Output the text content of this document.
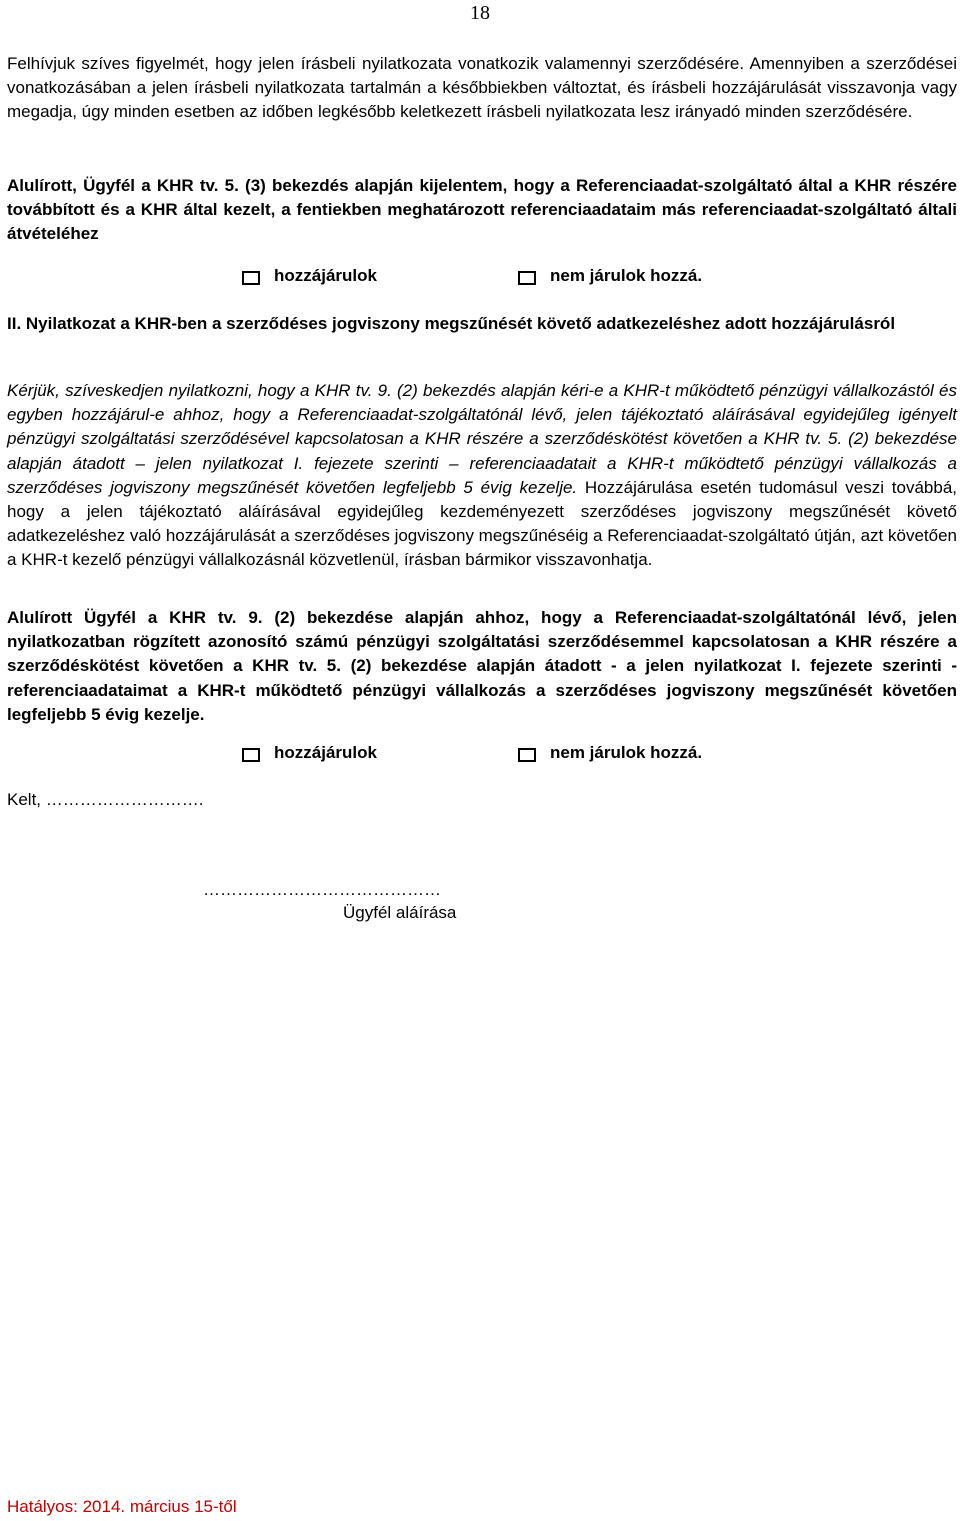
18

Felhívjuk szíves figyelmét, hogy jelen írásbeli nyilatkozata vonatkozik valamennyi szerződésére. Amennyiben a szerződései vonatkozásában a jelen írásbeli nyilatkozata tartalmán a későbbiekben változtat, és írásbeli hozzájárulását visszavonja vagy megadja, úgy minden esetben az időben legkésőbb keletkezett írásbeli nyilatkozata lesz irányadó minden szerződésére.

Alulírott, Ügyfél a KHR tv. 5. (3) bekezdés alapján kijelentem, hogy a Referenciaadat-szolgáltató által a KHR részére továbbított és a KHR által kezelt, a fentiekben meghatározott referenciaadataim más referenciaadat-szolgáltató általi átvételéhez

hozzájárulok	nem járulok hozzá.

II. Nyilatkozat a KHR-ben a szerződéses jogviszony megszűnését követő adatkezeléshez adott hozzájárulásról

Kérjük, szíveskedjen nyilatkozni, hogy a KHR tv. 9. (2) bekezdés alapján kéri-e a KHR-t működtető pénzügyi vállalkozástól és egyben hozzájárul-e ahhoz, hogy a Referenciaadat-szolgáltatónál lévő, jelen tájékoztató aláírásával egyidejűleg igényelt pénzügyi szolgáltatási szerződésével kapcsolatosan a KHR részére a szerződéskötést követően a KHR tv. 5. (2) bekezdése alapján átadott – jelen nyilatkozat I. fejezete szerinti – referenciaadatait a KHR-t működtető pénzügyi vállalkozás a szerződéses jogviszony megszűnését követően legfeljebb 5 évig kezelje. Hozzájárulása esetén tudomásul veszi továbbá, hogy a jelen tájékoztató aláírásával egyidejűleg kezdeményezett szerződéses jogviszony megszűnését követő adatkezeléshez való hozzájárulását a szerződéses jogviszony megszűnéséig a Referenciaadat-szolgáltató útján, azt követően a KHR-t kezelő pénzügyi vállalkozásnál közvetlenül, írásban bármikor visszavonhatja.

Alulírott Ügyfél a KHR tv. 9. (2) bekezdése alapján ahhoz, hogy a Referenciaadat-szolgáltatónál lévő, jelen nyilatkozatban rögzített azonosító számú pénzügyi szolgáltatási szerződésemmel kapcsolatosan a KHR részére a szerződéskötést követően a KHR tv. 5. (2) bekezdése alapján átadott - a jelen nyilatkozat I. fejezete szerinti - referenciaadataimat a KHR-t működtető pénzügyi vállalkozás a szerződéses jogviszony megszűnését követően legfeljebb 5 évig kezelje.

hozzájárulok	nem járulok hozzá.
Kelt, ……………………….
……………………………………
Ügyfél aláírása
Hatályos: 2014. március 15-től
